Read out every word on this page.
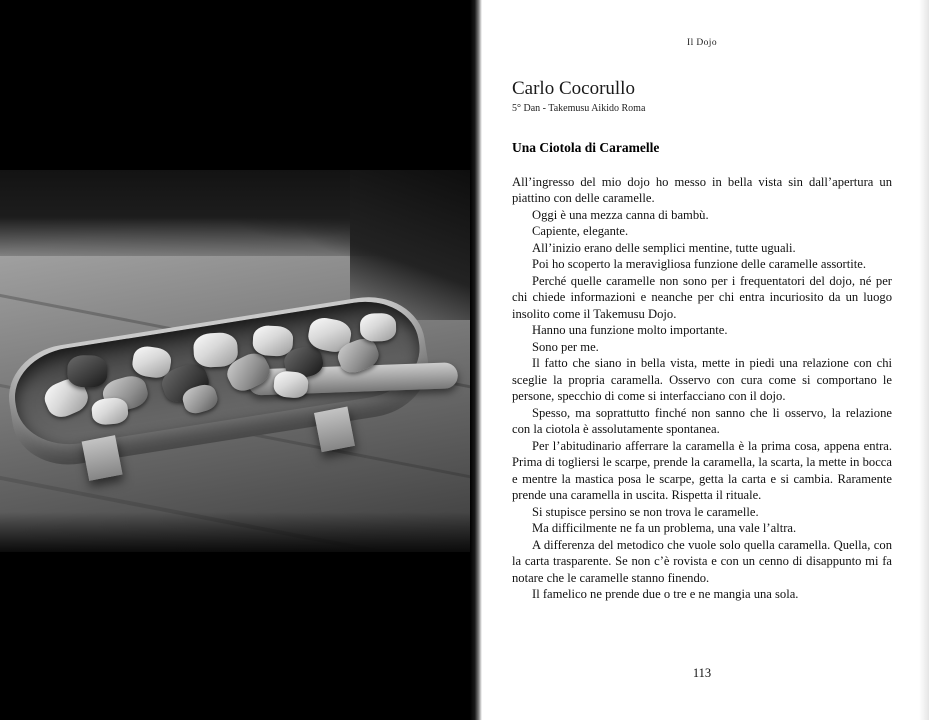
Il Dojo
Carlo Cocorullo
5° Dan - Takemusu Aikido Roma
Una Ciotola di Caramelle

All’ingresso del mio dojo ho messo in bella vista sin dall’apertura un piattino con delle caramelle.

Oggi è una mezza canna di bambù.

Capiente, elegante.

All’inizio erano delle semplici mentine, tutte uguali.

Poi ho scoperto la meravigliosa funzione delle caramelle assortite.

Perché quelle caramelle non sono per i frequentatori del dojo, né per chi chiede informazioni e neanche per chi entra incuriosito da un luogo insolito come il Takemusu Dojo.

Hanno una funzione molto importante.

Sono per me.

Il fatto che siano in bella vista, mette in piedi una relazione con chi sceglie la propria caramella. Osservo con cura come si comportano le persone, specchio di come si interfacciano con il dojo.

Spesso, ma soprattutto finché non sanno che li osservo, la relazione con la ciotola è assolutamente spontanea.

Per l’abitudinario afferrare la caramella è la prima cosa, appena entra. Prima di togliersi le scarpe, prende la caramella, la scarta, la mette in bocca e mentre la mastica posa le scarpe, getta la carta e si cambia. Raramente prende una caramella in uscita. Rispetta il rituale.

Si stupisce persino se non trova le caramelle.

Ma difficilmente ne fa un problema, una vale l’altra.

A differenza del metodico che vuole solo quella caramella. Quella, con la carta trasparente. Se non c’è rovista e con un cenno di disappunto mi fa notare che le caramelle stanno finendo.

Il famelico ne prende due o tre e ne mangia una sola.

113
